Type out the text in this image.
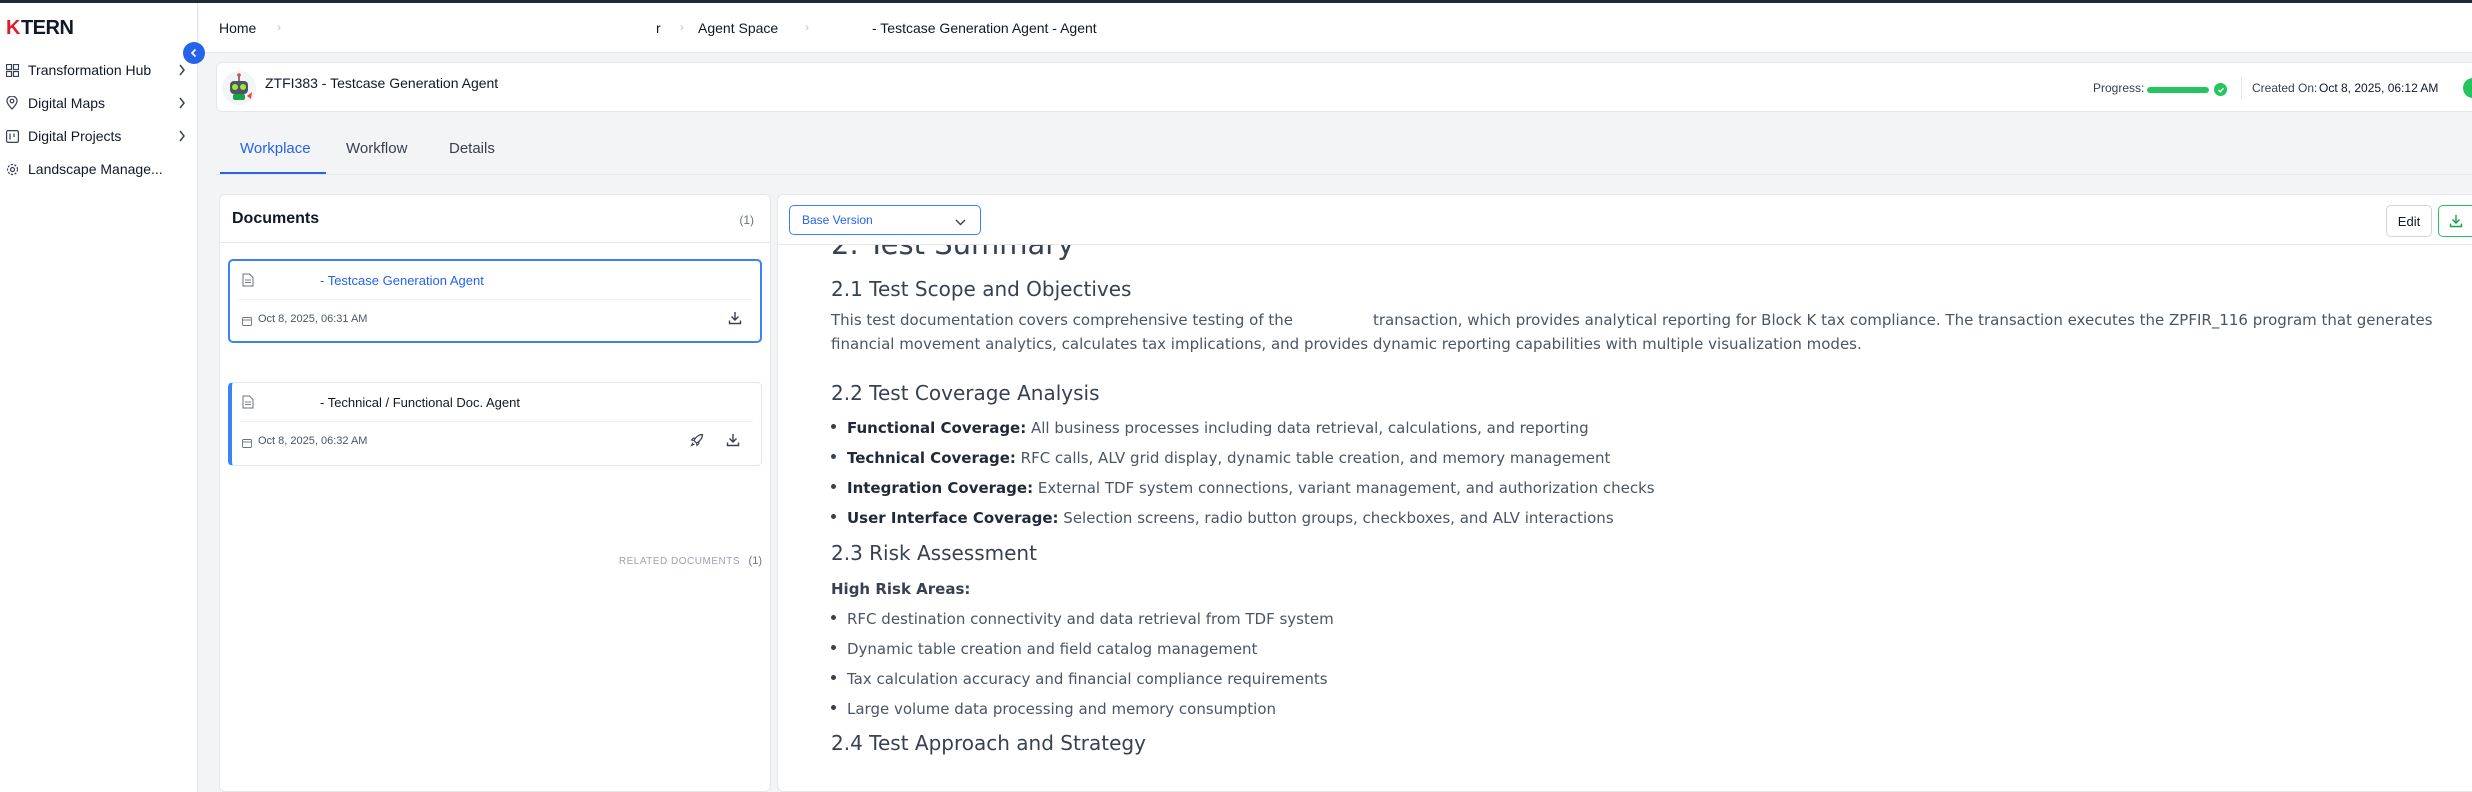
K TERN
Transformation Hub
Digital Maps
Digital Projects
Landscape Manage...
Home ›	r › Agent Space ›	- Testcase Generation Agent - Agent
ZTFI383 - Testcase Generation Agent	Progress:	Created On: Oct 8, 2025, 06:12 AM
Workplace Workflow	Details
Documents	(1)
- Testcase Generation Agent
Oct 8, 2025, 06:31 AM
RELATED DOCUMENTS (1)
- Technical / Functional Doc. Agent
Oct 8, 2025, 06:32 AM
Base Version	Edit
2.1 Test Scope and Objectives
This test documentation covers comprehensive testing of the	transaction, which provides analytical reporting for Block K tax compliance. The transaction executes the ZPFIR_116 program that generates
financial movement analytics, calculates tax implications, and provides dynamic reporting capabilities with multiple visualization modes.
2.2 Test Coverage Analysis
Functional Coverage: All business processes including data retrieval, calculations, and reporting
Technical Coverage: RFC calls, ALV grid display, dynamic table creation, and memory management
Integration Coverage: External TDF system connections, variant management, and authorization checks
User Interface Coverage: Selection screens, radio button groups, checkboxes, and ALV interactions
2.3 Risk Assessment
High Risk Areas:
RFC destination connectivity and data retrieval from TDF system
Dynamic table creation and field catalog management
Tax calculation accuracy and financial compliance requirements
Large volume data processing and memory consumption
2.4 Test Approach and Strategy
